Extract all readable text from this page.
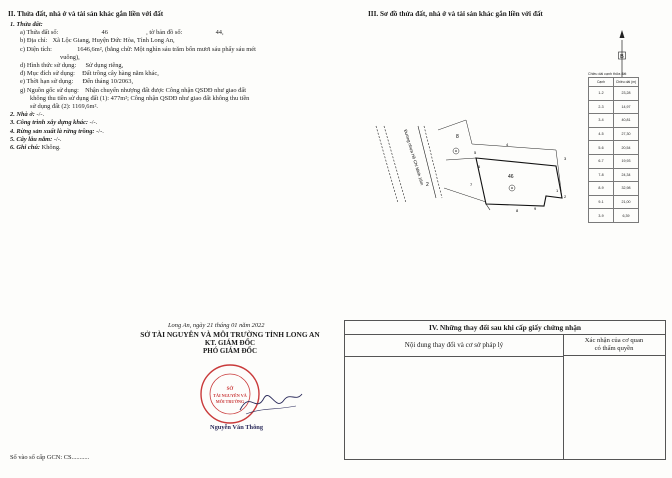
II. Thửa đất, nhà ở và tài sản khác gắn liền với đất
1. Thửa đất:
a) Thửa đất số:	46	, tờ bản đồ số:	44,
b) Địa chỉ: Xã Lộc Giang, Huyện Đức Hòa, Tỉnh Long An,
c) Diện tích:	1646,6m², (bằng chữ: Một nghìn sáu trăm bốn mươi sáu phẩy sáu mét
vuông),
d) Hình thức sử dụng: Sử dụng riêng,
đ) Mục đích sử dụng: Đất trồng cây hàng năm khác,
e) Thời hạn sử dụng: Đến tháng 10/2063,
g) Nguồn gốc sử dụng: Nhận chuyển nhượng đất được Công nhận QSDĐ như giao đất
không thu tiền sử dụng đất (1): 477m²; Công nhận QSDĐ như giao đất không thu tiền
sử dụng đất (2): 1169,6m².
2. Nhà ở: -/-.
3. Công trình xây dựng khác: -/-.
4. Rừng sản xuất là rừng trồng: -/-.
5. Cây lâu năm: -/-.
6. Ghi chú: Không.
III. Sơ đồ thửa đất, nhà ở và tài sản khác gắn liền với đất
B
Đường nhựa Hồ Chí Minh 16m	8
46
2
1
2
3
4
5
6
7
8	9
Chiều dài cạnh thửa đất
Cạnh	Chiều dài (m)
1-2	23,28
2-3	14,97
3-4	40,81
4-5	27,30
5-6	20,54
6-7	19,93
7-8	24,34
8-9	32,98
9-1	21,00
3-9	6,39
Long An, ngày 21 tháng 01 năm 2022
SỞ TÀI NGUYÊN VÀ MÔI TRƯỜNG TỈNH LONG AN
KT. GIÁM ĐỐC
PHÓ GIÁM ĐỐC
SỞ
TÀI NGUYÊN VÀ
MÔI TRƯỜNG
Nguyễn Văn Thông
Số vào sổ cấp GCN: CS...........
IV. Những thay đổi sau khi cấp giấy chứng nhận
Nội dung thay đổi và cơ sở pháp lý
Xác nhận của cơ quan
có thẩm quyền
